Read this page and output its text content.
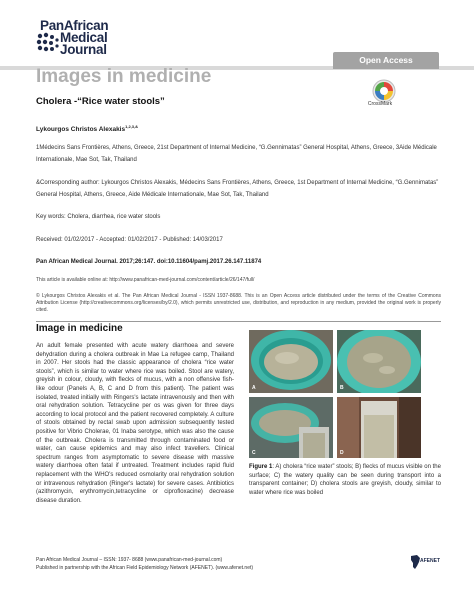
PanAfrican
Medical
Journal
Open Access
Images in medicine
Cholera -“Rice water stools”	CrossMark
Lykourgos Christos Alexakis$^{1,2,3,\&}$

1Médecins Sans Frontières, Athens, Greece, 21st Department of Internal Medicine, “G.Gennimatas” General Hospital, Athens, Greece, 3Aide Médicale Internationale, Mae Sot, Tak, Thailand

&Corresponding author: Lykourgos Christos Alexakis, Médecins Sans Frontières, Athens, Greece, 1st Department of Internal Medicine, “G.Gennimatas” General Hospital, Athens, Greece, Aide Médicale Internationale, Mae Sot, Tak, Thailand

Key words: Cholera, diarrhea, rice water stools

Received: 01/02/2017 - Accepted: 01/02/2017 - Published: 14/03/2017

Pan African Medical Journal. 2017;26:147. doi:10.11604/pamj.2017.26.147.11874

This article is available online at: http://www.panafrican-med-journal.com/content/article/26/147/full/

© Lykourgos Christos Alexakis et al. The Pan African Medical Journal - ISSN 1937-8688. This is an Open Access article distributed under the terms of the Creative Commons Attribution License (http://creativecommons.org/licenses/by/2.0), which permits unrestricted use, distribution, and reproduction in any medium, provided the original work is properly cited.

Image in medicine

An adult female presented with acute watery diarrhoea and severe dehydration during a cholera outbreak in Mae La refugee camp, Thailand in 2007. Her stools had the classic appearance of cholera “rice water stools”, which is similar to water where rice was boiled. Stool are watery, greyish in colour, cloudy, with flecks of mucus, with a non offensive fish-like odour (Panels A, B, C and D from this patient). The patient was isolated, treated initially with Ringers's lactate intravenously and then with oral rehydration solution. Tetracycline per os was given for three days according to local protocol and the patient recovered completely. A culture of stools obtained by rectal swab upon admission subsequently tested positive for Vibrio Cholerae, 01 Inaba serotype, which was also the cause of the outbreak. Cholera is transmitted through contaminated food or water, can cause epidemics and may also infect travellers. Clinical spectrum ranges from asymptomatic to severe disease with massive watery diarrhoea often fatal if untreated. Treatment includes rapid fluid replacement with the WHO's reduced osmolarity oral rehydration solution or intravenous rehydration (Ringer's lactate) for severe cases. Antibiotics (azithromycin, erythromycin,tetracycline or ciprofloxacine) decrease disease duration.

A	B
C	D

Figure 1: A) cholera “rice water” stools; B) flecks of mucus visible on the surface; C) the watery quality can be seen during transport into a transparent container; D) cholera stools are greyish, cloudy, similar to water where rice was boiled

Pan African Medical Journal – ISSN: 1937- 8688 (www.panafrican-med-journal.com)
Published in partnership with the African Field Epidemiology Network (AFENET). (www.afenet.net)
AFENET
